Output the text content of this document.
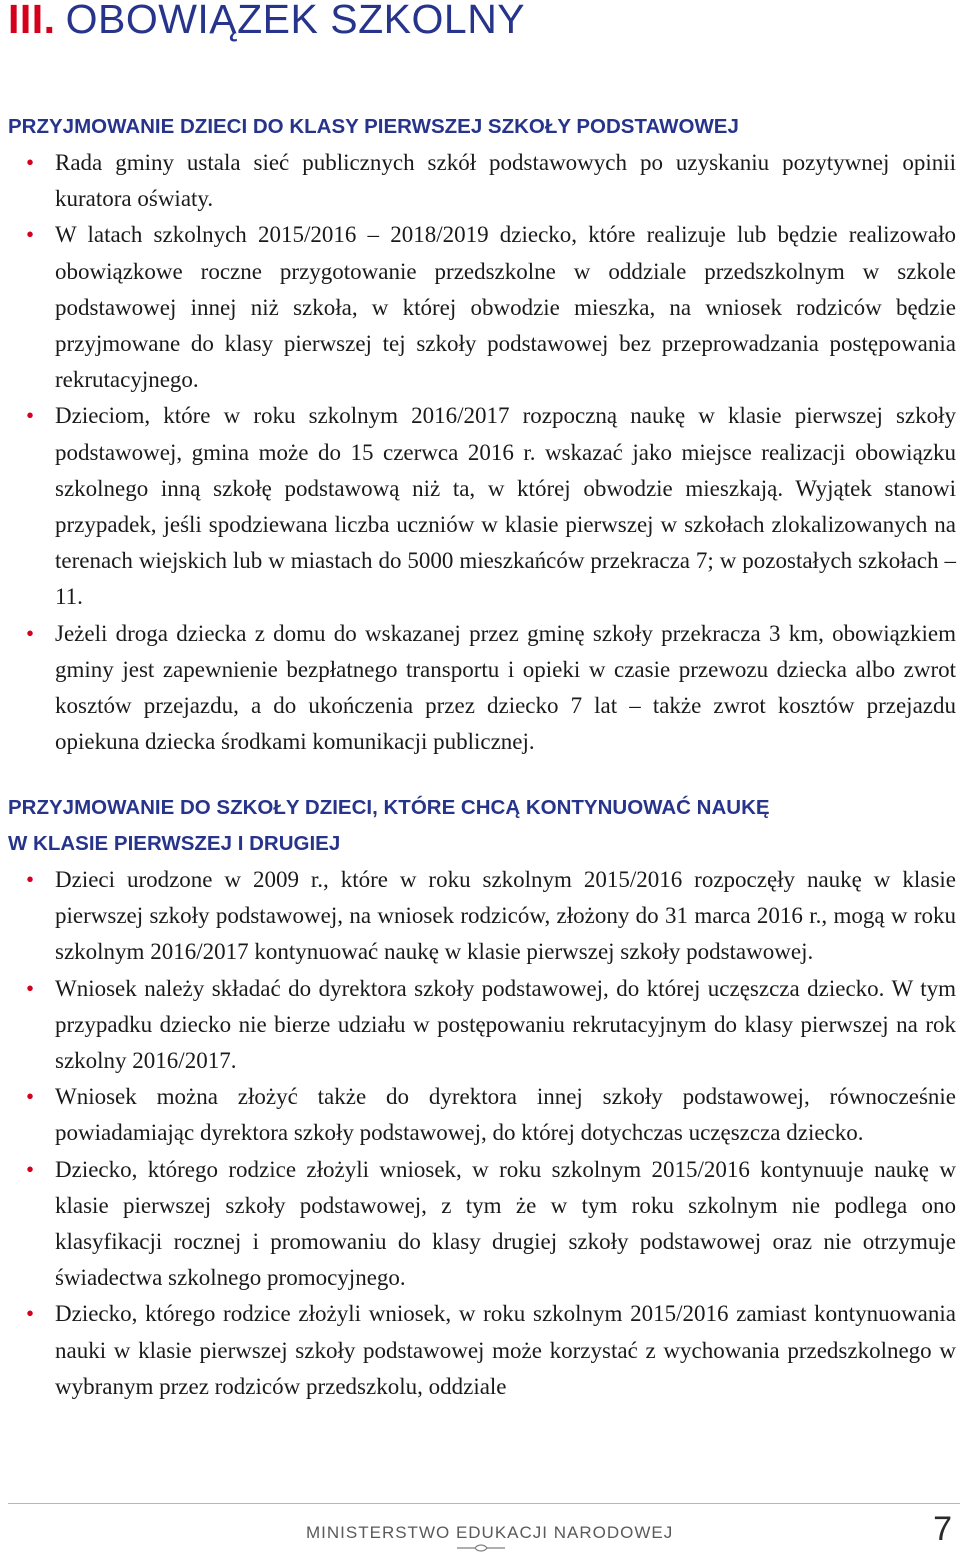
III. OBOWIĄZEK SZKOLNY
PRZYJMOWANIE DZIECI DO KLASY PIERWSZEJ SZKOŁY PODSTAWOWEJ
• Rada gminy ustala sieć publicznych szkół podstawowych po uzyskaniu pozytywnej opinii kuratora oświaty.
• W latach szkolnych 2015/2016 – 2018/2019 dziecko, które realizuje lub będzie realizowało obowiązkowe roczne przygotowanie przedszkolne w oddziale przedszkolnym w szkole podstawowej innej niż szkoła, w której obwodzie mieszka, na wniosek rodziców będzie przyjmowane do klasy pierwszej tej szkoły podstawowej bez przeprowadzania postępowania rekrutacyjnego.
• Dzieciom, które w roku szkolnym 2016/2017 rozpoczną naukę w klasie pierwszej szkoły podstawowej, gmina może do 15 czerwca 2016 r. wskazać jako miejsce realizacji obowiązku szkolnego inną szkołę podstawową niż ta, w której obwodzie mieszkają. Wyjątek stanowi przypadek, jeśli spodziewana liczba uczniów w klasie pierwszej w szkołach zlokalizowanych na terenach wiejskich lub w miastach do 5000 mieszkańców przekracza 7; w pozostałych szkołach – 11.
• Jeżeli droga dziecka z domu do wskazanej przez gminę szkoły przekracza 3 km, obowiązkiem gminy jest zapewnienie bezpłatnego transportu i opieki w czasie przewozu dziecka albo zwrot kosztów przejazdu, a do ukończenia przez dziecko 7 lat – także zwrot kosztów przejazdu opiekuna dziecka środkami komunikacji publicznej.
PRZYJMOWANIE DO SZKOŁY DZIECI, KTÓRE CHCĄ KONTYNUOWAĆ NAUKĘ
W KLASIE PIERWSZEJ I DRUGIEJ
• Dzieci urodzone w 2009 r., które w roku szkolnym 2015/2016 rozpoczęły naukę w klasie pierwszej szkoły podstawowej, na wniosek rodziców, złożony do 31 marca 2016 r., mogą w roku szkolnym 2016/2017 kontynuować naukę w klasie pierwszej szkoły podstawowej.
• Wniosek należy składać do dyrektora szkoły podstawowej, do której uczęszcza dziecko. W tym przypadku dziecko nie bierze udziału w postępowaniu rekrutacyjnym do klasy pierwszej na rok szkolny 2016/2017.
• Wniosek można złożyć także do dyrektora innej szkoły podstawowej, równocześnie powiadamiając dyrektora szkoły podstawowej, do której dotychczas uczęszcza dziecko.
• Dziecko, którego rodzice złożyli wniosek, w roku szkolnym 2015/2016 kontynuuje naukę w klasie pierwszej szkoły podstawowej, z tym że w tym roku szkolnym nie podlega ono klasyfikacji rocznej i promowaniu do klasy drugiej szkoły podstawowej oraz nie otrzymuje świadectwa szkolnego promocyjnego.
• Dziecko, którego rodzice złożyli wniosek, w roku szkolnym 2015/2016 zamiast kontynuowania nauki w klasie pierwszej szkoły podstawowej może korzystać z wychowania przedszkolnego w wybranym przez rodziców przedszkolu, oddziale
MINISTERSTWO EDUKACJI NARODOWEJ	7
